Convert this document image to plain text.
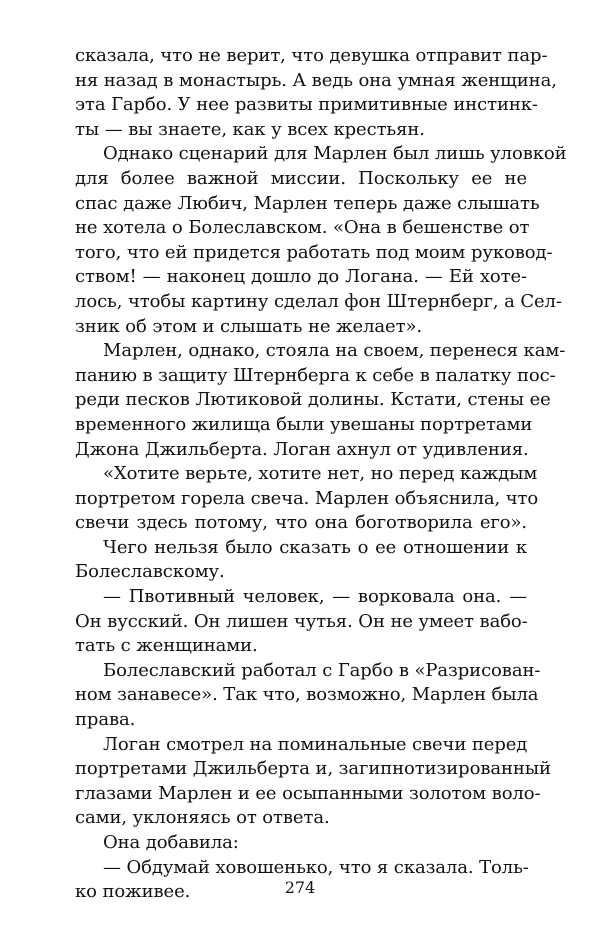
сказала, что не верит, что девушка отправит пар-
ня назад в монастырь. А ведь она умная женщина,
эта Гарбо. У нее развиты примитивные инстинк-
ты — вы знаете, как у всех крестьян.
Однако сценарий для Марлен был лишь уловкой
для более важной миссии. Поскольку ее не
спас даже Любич, Марлен теперь даже слышать
не хотела о Болеславском. «Она в бешенстве от
того, что ей придется работать под моим руковод-
ством! — наконец дошло до Логана. — Ей хоте-
лось, чтобы картину сделал фон Штернберг, а Сел-
зник об этом и слышать не желает».
Марлен, однако, стояла на своем, перенеся кам-
панию в защиту Штернберга к себе в палатку пос-
реди песков Лютиковой долины. Кстати, стены ее
временного жилища были увешаны портретами
Джона Джильберта. Логан ахнул от удивления.
«Хотите верьте, хотите нет, но перед каждым
портретом горела свеча. Марлен объяснила, что
свечи здесь потому, что она боготворила его».
Чего нельзя было сказать о ее отношении к
Болеславскому.
— Пвотивный человек, — ворковала она. —
Он вусский. Он лишен чутья. Он не умеет вабо-
тать с женщинами.
Болеславский работал с Гарбо в «Разрисован-
ном занавесе». Так что, возможно, Марлен была
права.
Логан смотрел на поминальные свечи перед
портретами Джильберта и, загипнотизированный
глазами Марлен и ее осыпанными золотом воло-
сами, уклоняясь от ответа.
Она добавила:
— Обдумай ховошенько, что я сказала. Толь-
ко поживее.	274
